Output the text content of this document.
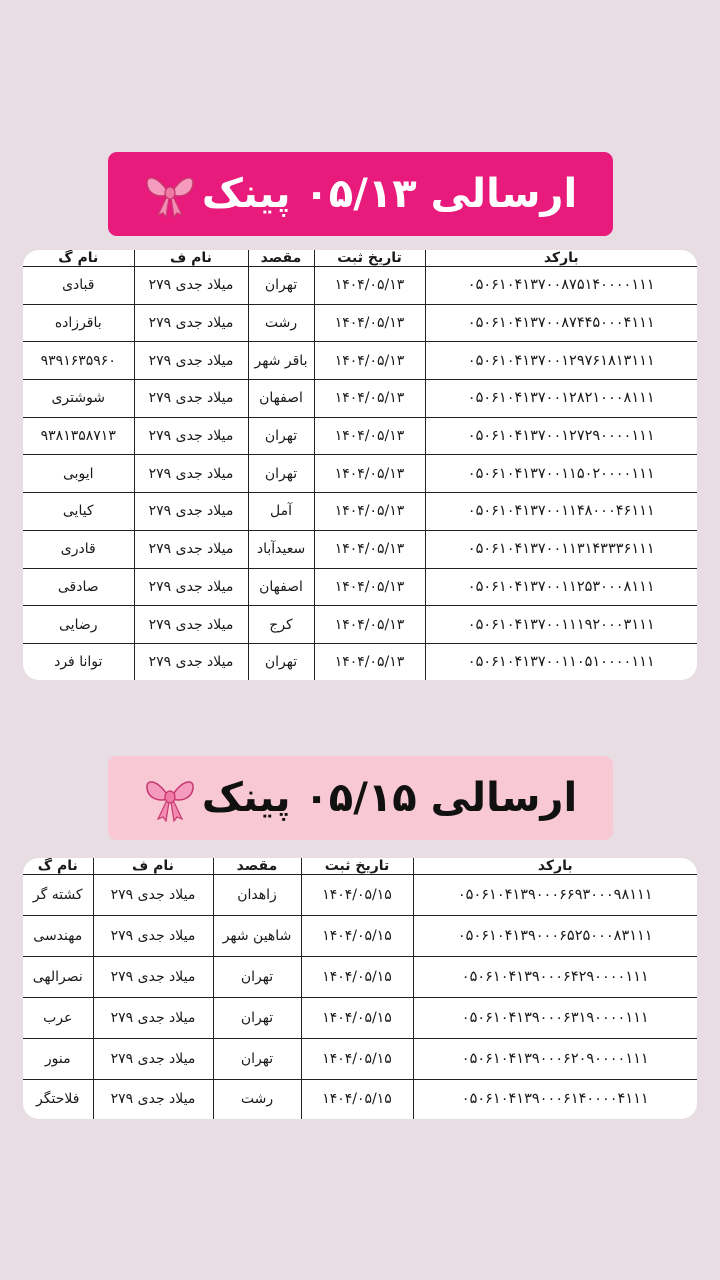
ارسالی ۰۵/۱۳ پینک
بارکد	تاریخ ثبت	مقصد	نام ف	نام گ
۰۵۰۶۱۰۴۱۳۷۰۰۸۷۵۱۴۰۰۰۰۱۱۱	۱۴۰۴/۰۵/۱۳	تهران	میلاد جدی ۲۷۹	قبادی
۰۵۰۶۱۰۴۱۳۷۰۰۸۷۴۴۵۰۰۰۴۱۱۱	۱۴۰۴/۰۵/۱۳	رشت	میلاد جدی ۲۷۹	باقرزاده
۰۵۰۶۱۰۴۱۳۷۰۰۱۲۹۷۶۱۸۱۳۱۱۱	۱۴۰۴/۰۵/۱۳	باقر شهر	میلاد جدی ۲۷۹	۹۳۹۱۶۳۵۹۶۰
۰۵۰۶۱۰۴۱۳۷۰۰۱۲۸۲۱۰۰۰۸۱۱۱	۱۴۰۴/۰۵/۱۳	اصفهان	میلاد جدی ۲۷۹	شوشتری
۰۵۰۶۱۰۴۱۳۷۰۰۱۲۷۲۹۰۰۰۰۱۱۱	۱۴۰۴/۰۵/۱۳	تهران	میلاد جدی ۲۷۹	۹۳۸۱۳۵۸۷۱۳
۰۵۰۶۱۰۴۱۳۷۰۰۱۱۵۰۲۰۰۰۰۱۱۱	۱۴۰۴/۰۵/۱۳	تهران	میلاد جدی ۲۷۹	ایوبی
۰۵۰۶۱۰۴۱۳۷۰۰۱۱۴۸۰۰۰۴۶۱۱۱	۱۴۰۴/۰۵/۱۳	آمل	میلاد جدی ۲۷۹	کیایی
۰۵۰۶۱۰۴۱۳۷۰۰۱۱۳۱۴۳۳۳۶۱۱۱	۱۴۰۴/۰۵/۱۳	سعیدآباد	میلاد جدی ۲۷۹	قادری
۰۵۰۶۱۰۴۱۳۷۰۰۱۱۲۵۳۰۰۰۸۱۱۱	۱۴۰۴/۰۵/۱۳	اصفهان	میلاد جدی ۲۷۹	صادقی
۰۵۰۶۱۰۴۱۳۷۰۰۱۱۱۹۲۰۰۰۳۱۱۱	۱۴۰۴/۰۵/۱۳	کرج	میلاد جدی ۲۷۹	رضایی
۰۵۰۶۱۰۴۱۳۷۰۰۱۱۰۵۱۰۰۰۰۱۱۱	۱۴۰۴/۰۵/۱۳	تهران	میلاد جدی ۲۷۹	توانا فرد
ارسالی ۰۵/۱۵ پینک
بارکد	تاریخ ثبت	مقصد	نام ف	نام گ
۰۵۰۶۱۰۴۱۳۹۰۰۰۶۶۹۳۰۰۰۹۸۱۱۱	۱۴۰۴/۰۵/۱۵	زاهدان	میلاد جدی ۲۷۹	کشته گر
۰۵۰۶۱۰۴۱۳۹۰۰۰۶۵۲۵۰۰۰۸۳۱۱۱	۱۴۰۴/۰۵/۱۵	شاهین شهر	میلاد جدی ۲۷۹	مهندسی
۰۵۰۶۱۰۴۱۳۹۰۰۰۶۴۲۹۰۰۰۰۱۱۱	۱۴۰۴/۰۵/۱۵	تهران	میلاد جدی ۲۷۹	نصرالهی
۰۵۰۶۱۰۴۱۳۹۰۰۰۶۳۱۹۰۰۰۰۱۱۱	۱۴۰۴/۰۵/۱۵	تهران	میلاد جدی ۲۷۹	عرب
۰۵۰۶۱۰۴۱۳۹۰۰۰۶۲۰۹۰۰۰۰۱۱۱	۱۴۰۴/۰۵/۱۵	تهران	میلاد جدی ۲۷۹	منور
۰۵۰۶۱۰۴۱۳۹۰۰۰۶۱۴۰۰۰۰۴۱۱۱	۱۴۰۴/۰۵/۱۵	رشت	میلاد جدی ۲۷۹	فلاحتگر
